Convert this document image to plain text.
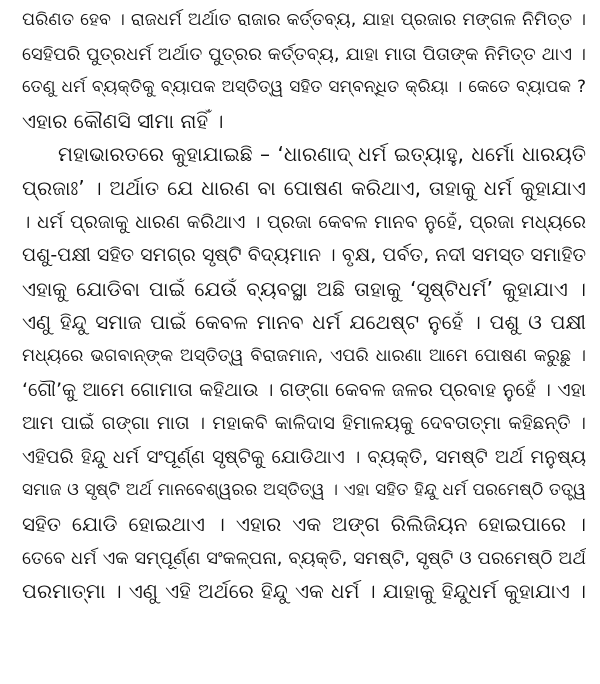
ପରିଣତ ହେବ । ରାଜଧର୍ମ ଅର୍ଥାତ ରାଜାର କର୍ତ୍ତବ୍ୟ, ଯାହା ପ୍ରଜାର ମଙ୍ଗଳ ନିମିତ୍ତ ।
ସେହିପରି ପୁତ୍ରଧର୍ମ ଅର୍ଥାତ ପୁତ୍ରର କର୍ତ୍ତବ୍ୟ, ଯାହା ମାତା ପିତାଙ୍କ ନିମିତ୍ତ ଥାଏ ।
ତେଣୁ ଧର୍ମ ବ୍ୟକ୍ତିକୁ ବ୍ୟାପକ ଅସ୍ତିତ୍ୱ ସହିତ ସମ୍ବନ୍ଧିତ କ୍ରିୟା । କେତେ ବ୍ୟାପକ ?
ଏହାର କୌଣସି ସୀମା ନାହିଁ ।
ମହାଭାରତରେ କୁହାଯାଇଛି – ‘ଧାରଣାଦ୍ ଧର୍ମ ଇତ୍ୟାହୁ, ଧର୍ମୋ ଧାରୟତି
ପ୍ରଜାଃ’ । ଅର୍ଥାତ ଯେ ଧାରଣ ବା ପୋଷଣ କରିଥାଏ, ତାହାକୁ ଧର୍ମ କୁହାଯାଏ
। ଧର୍ମ ପ୍ରଜାକୁ ଧାରଣ କରିଥାଏ । ପ୍ରଜା କେବଳ ମାନବ ନୁହେଁ, ପ୍ରଜା ମଧ୍ୟରେ
ପଶୁ-ପକ୍ଷୀ ସହିତ ସମଗ୍ର ସୃଷ୍ଟି ବିଦ୍ୟମାନ । ବୃକ୍ଷ, ପର୍ବତ, ନଦୀ ସମସ୍ତ ସମାହିତ
ଏହାକୁ ଯୋଡିବା ପାଇଁ ଯେଉଁ ବ୍ୟବସ୍ଥା ଅଛି ତାହାକୁ ‘ସୃଷ୍ଟିଧର୍ମ’ କୁହାଯାଏ ।
ଏଣୁ ହିନ୍ଦୁ ସମାଜ ପାଇଁ କେବଳ ମାନବ ଧର୍ମ ଯଥେଷ୍ଟ ନୁହେଁ । ପଶୁ ଓ ପକ୍ଷୀ
ମଧ୍ୟରେ ଭଗବାନ୍‌ଙ୍କ ଅସ୍ତିତ୍ୱ ବିରାଜମାନ, ଏପରି ଧାରଣା ଆମେ ପୋଷଣ କରୁଛୁ ।
‘ଗୌ’କୁ ଆମେ ଗୋମାତା କହିଥାଉ । ଗଙ୍ଗା କେବଳ ଜଳର ପ୍ରବାହ ନୁହେଁ । ଏହା
ଆମ ପାଇଁ ଗଙ୍ଗା ମାତା । ମହାକବି କାଳିଦାସ ହିମାଳୟକୁ ଦେବତାତ୍ମା କହିଛନ୍ତି ।
ଏହିପରି ହିନ୍ଦୁ ଧର୍ମ ସଂପୂର୍ଣ୍ଣ ସୃଷ୍ଟିକୁ ଯୋଡିଥାଏ । ବ୍ୟକ୍ତି, ସମଷ୍ଟି ଅର୍ଥ ମନୁଷ୍ୟ
ସମାଜ ଓ ସୃଷ୍ଟି ଅର୍ଥ ମାନବେଶ୍ୱରର ଅସ୍ତିତ୍ୱ । ଏହା ସହିତ ହିନ୍ଦୁ ଧର୍ମ ପରମେଷ୍ଠି ତତ୍ତ୍ୱ
ସହିତ ଯୋଡି ହୋଇଥାଏ । ଏହାର ଏକ ଅଙ୍ଗ ରିଲିଜିୟନ ହୋଇପାରେ ।
ତେବେ ଧର୍ମ ଏକ ସମ୍ପୂର୍ଣ୍ଣ ସଂକଳ୍ପନା, ବ୍ୟକ୍ତି, ସମଷ୍ଟି, ସୃଷ୍ଟି ଓ ପରମେଷ୍ଠି ଅର୍ଥ
ପରମାତ୍ମା । ଏଣୁ ଏହି ଅର୍ଥରେ ହିନ୍ଦୁ ଏକ ଧର୍ମ । ଯାହାକୁ ହିନ୍ଦୁଧର୍ମ କୁହାଯାଏ ।
